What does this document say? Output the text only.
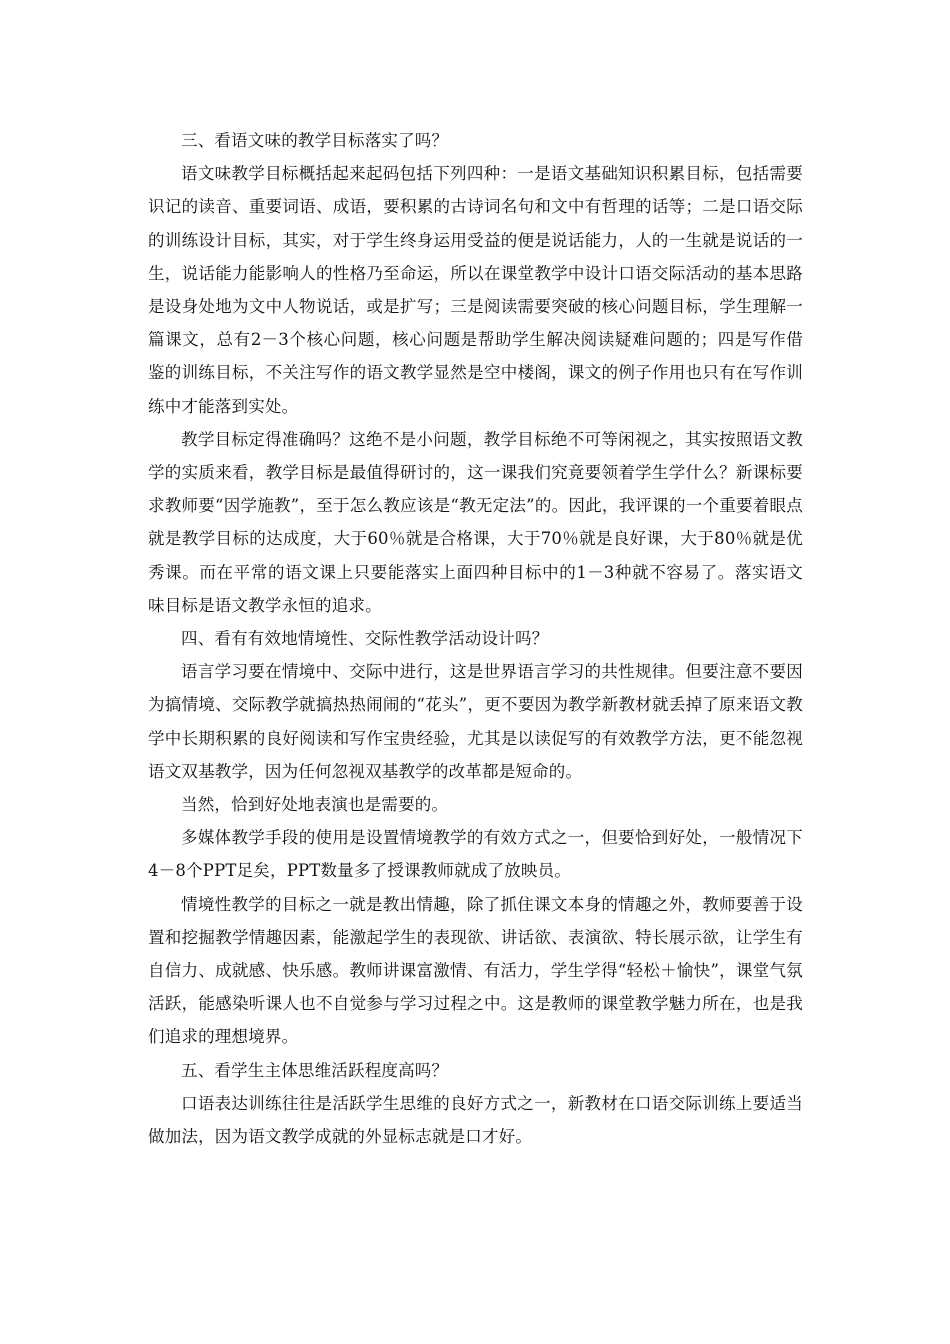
三、看语文味的教学目标落实了吗？

语文味教学目标概括起来起码包括下列四种：一是语文基础知识积累目标，包括需要识记的读音、重要词语、成语，要积累的古诗词名句和文中有哲理的话等；二是口语交际的训练设计目标，其实，对于学生终身运用受益的便是说话能力，人的一生就是说话的一生，说话能力能影响人的性格乃至命运，所以在课堂教学中设计口语交际活动的基本思路是设身处地为文中人物说话，或是扩写；三是阅读需要突破的核心问题目标，学生理解一篇课文，总有2－3个核心问题，核心问题是帮助学生解决阅读疑难问题的；四是写作借鉴的训练目标，不关注写作的语文教学显然是空中楼阁，课文的例子作用也只有在写作训练中才能落到实处。

教学目标定得准确吗？这绝不是小问题，教学目标绝不可等闲视之，其实按照语文教学的实质来看，教学目标是最值得研讨的，这一课我们究竟要领着学生学什么？新课标要求教师要“因学施教”，至于怎么教应该是“教无定法”的。因此，我评课的一个重要着眼点就是教学目标的达成度，大于60％就是合格课，大于70％就是良好课，大于80％就是优秀课。而在平常的语文课上只要能落实上面四种目标中的1－3种就不容易了。落实语文味目标是语文教学永恒的追求。

四、看有有效地情境性、交际性教学活动设计吗？

语言学习要在情境中、交际中进行，这是世界语言学习的共性规律。但要注意不要因为搞情境、交际教学就搞热热闹闹的“花头”，更不要因为教学新教材就丢掉了原来语文教学中长期积累的良好阅读和写作宝贵经验，尤其是以读促写的有效教学方法，更不能忽视语文双基教学，因为任何忽视双基教学的改革都是短命的。

当然，恰到好处地表演也是需要的。

多媒体教学手段的使用是设置情境教学的有效方式之一，但要恰到好处，一般情况下4－8个PPT足矣，PPT数量多了授课教师就成了放映员。

情境性教学的目标之一就是教出情趣，除了抓住课文本身的情趣之外，教师要善于设置和挖掘教学情趣因素，能激起学生的表现欲、讲话欲、表演欲、特长展示欲，让学生有自信力、成就感、快乐感。教师讲课富激情、有活力，学生学得“轻松＋愉快”，课堂气氛活跃，能感染听课人也不自觉参与学习过程之中。这是教师的课堂教学魅力所在，也是我们追求的理想境界。

五、看学生主体思维活跃程度高吗？

口语表达训练往往是活跃学生思维的良好方式之一，新教材在口语交际训练上要适当做加法，因为语文教学成就的外显标志就是口才好。
